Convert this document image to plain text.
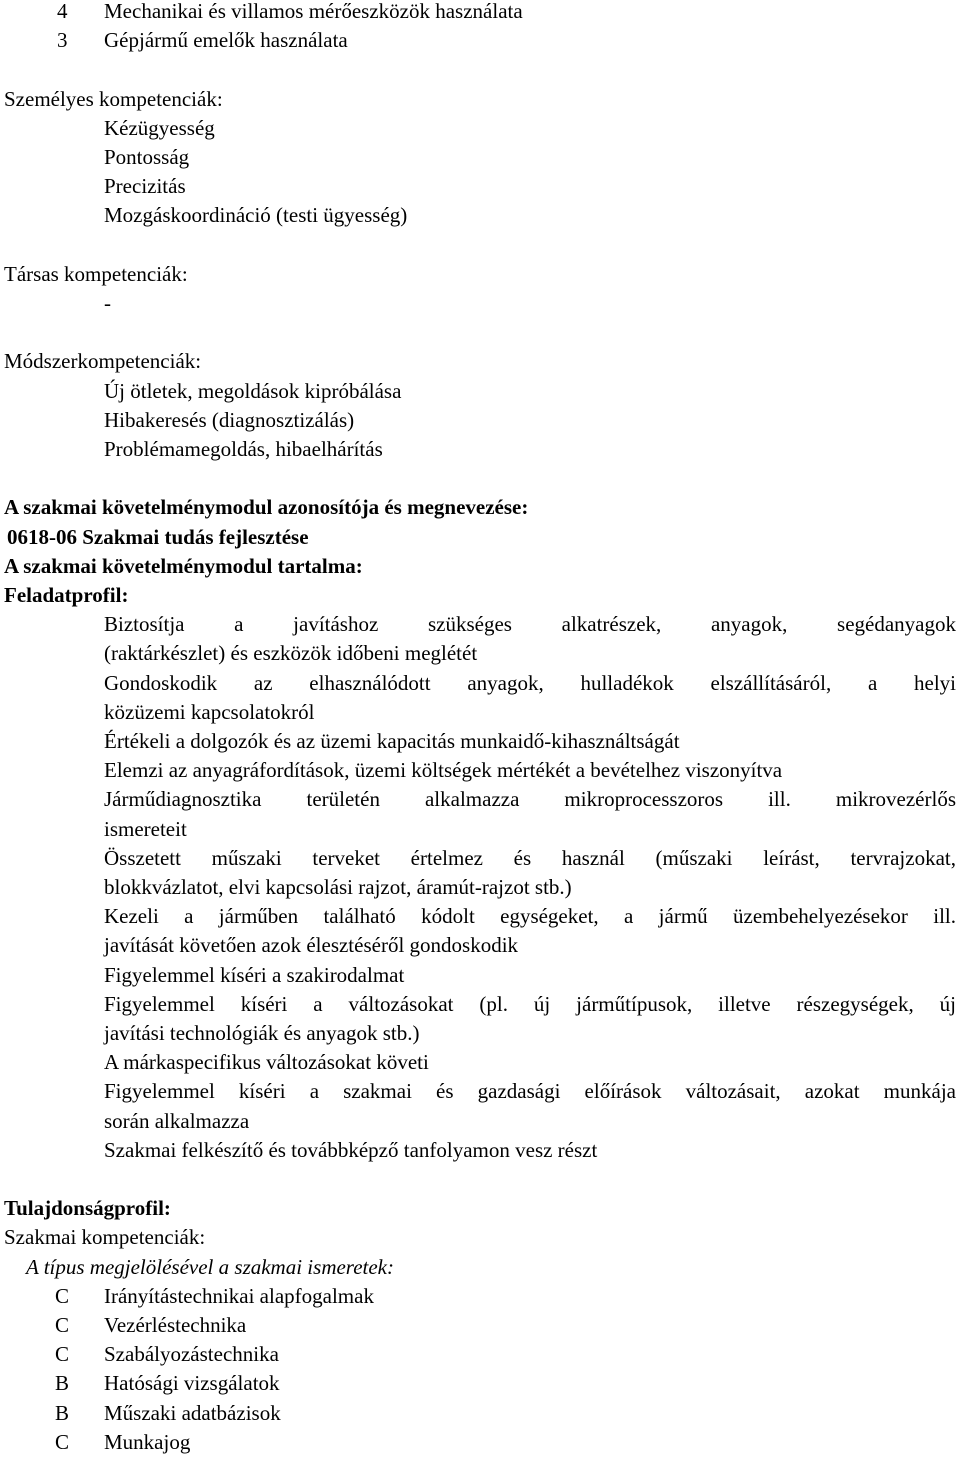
4 Mechanikai és villamos mérőeszközök használata
3 Gépjármű emelők használata
Személyes kompetenciák:
Kézügyesség
Pontosság
Precizitás
Mozgáskoordináció (testi ügyesség)
Társas kompetenciák:
-
Módszerkompetenciák:
Új ötletek, megoldások kipróbálása
Hibakeresés (diagnosztizálás)
Problémamegoldás, hibaelhárítás
A szakmai követelménymodul azonosítója és megnevezése:
0618-06 Szakmai tudás fejlesztése
A szakmai követelménymodul tartalma:
Feladatprofil:
Biztosítja a javításhoz szükséges alkatrészek, anyagok, segédanyagok
(raktárkészlet) és eszközök időbeni meglétét
Gondoskodik az elhasználódott anyagok, hulladékok elszállításáról, a helyi
közüzemi kapcsolatokról
Értékeli a dolgozók és az üzemi kapacitás munkaidő-kihasználtságát
Elemzi az anyagráfordítások, üzemi költségek mértékét a bevételhez viszonyítva
Járműdiagnosztika területén alkalmazza mikroprocesszoros ill. mikrovezérlős
ismereteit
Összetett műszaki terveket értelmez és használ (műszaki leírást, tervrajzokat,
blokkvázlatot, elvi kapcsolási rajzot, áramút-rajzot stb.)
Kezeli a járműben található kódolt egységeket, a jármű üzembehelyezésekor ill.
javítását követően azok élesztéséről gondoskodik
Figyelemmel kíséri a szakirodalmat
Figyelemmel kíséri a változásokat (pl. új járműtípusok, illetve részegységek, új
javítási technológiák és anyagok stb.)
A márkaspecifikus változásokat követi
Figyelemmel kíséri a szakmai és gazdasági előírások változásait, azokat munkája
során alkalmazza
Szakmai felkészítő és továbbképző tanfolyamon vesz részt
Tulajdonságprofil:
Szakmai kompetenciák:
A típus megjelölésével a szakmai ismeretek:
C Irányítástechnikai alapfogalmak
C Vezérléstechnika
C Szabályozástechnika
B Hatósági vizsgálatok
B Műszaki adatbázisok
C Munkajog
